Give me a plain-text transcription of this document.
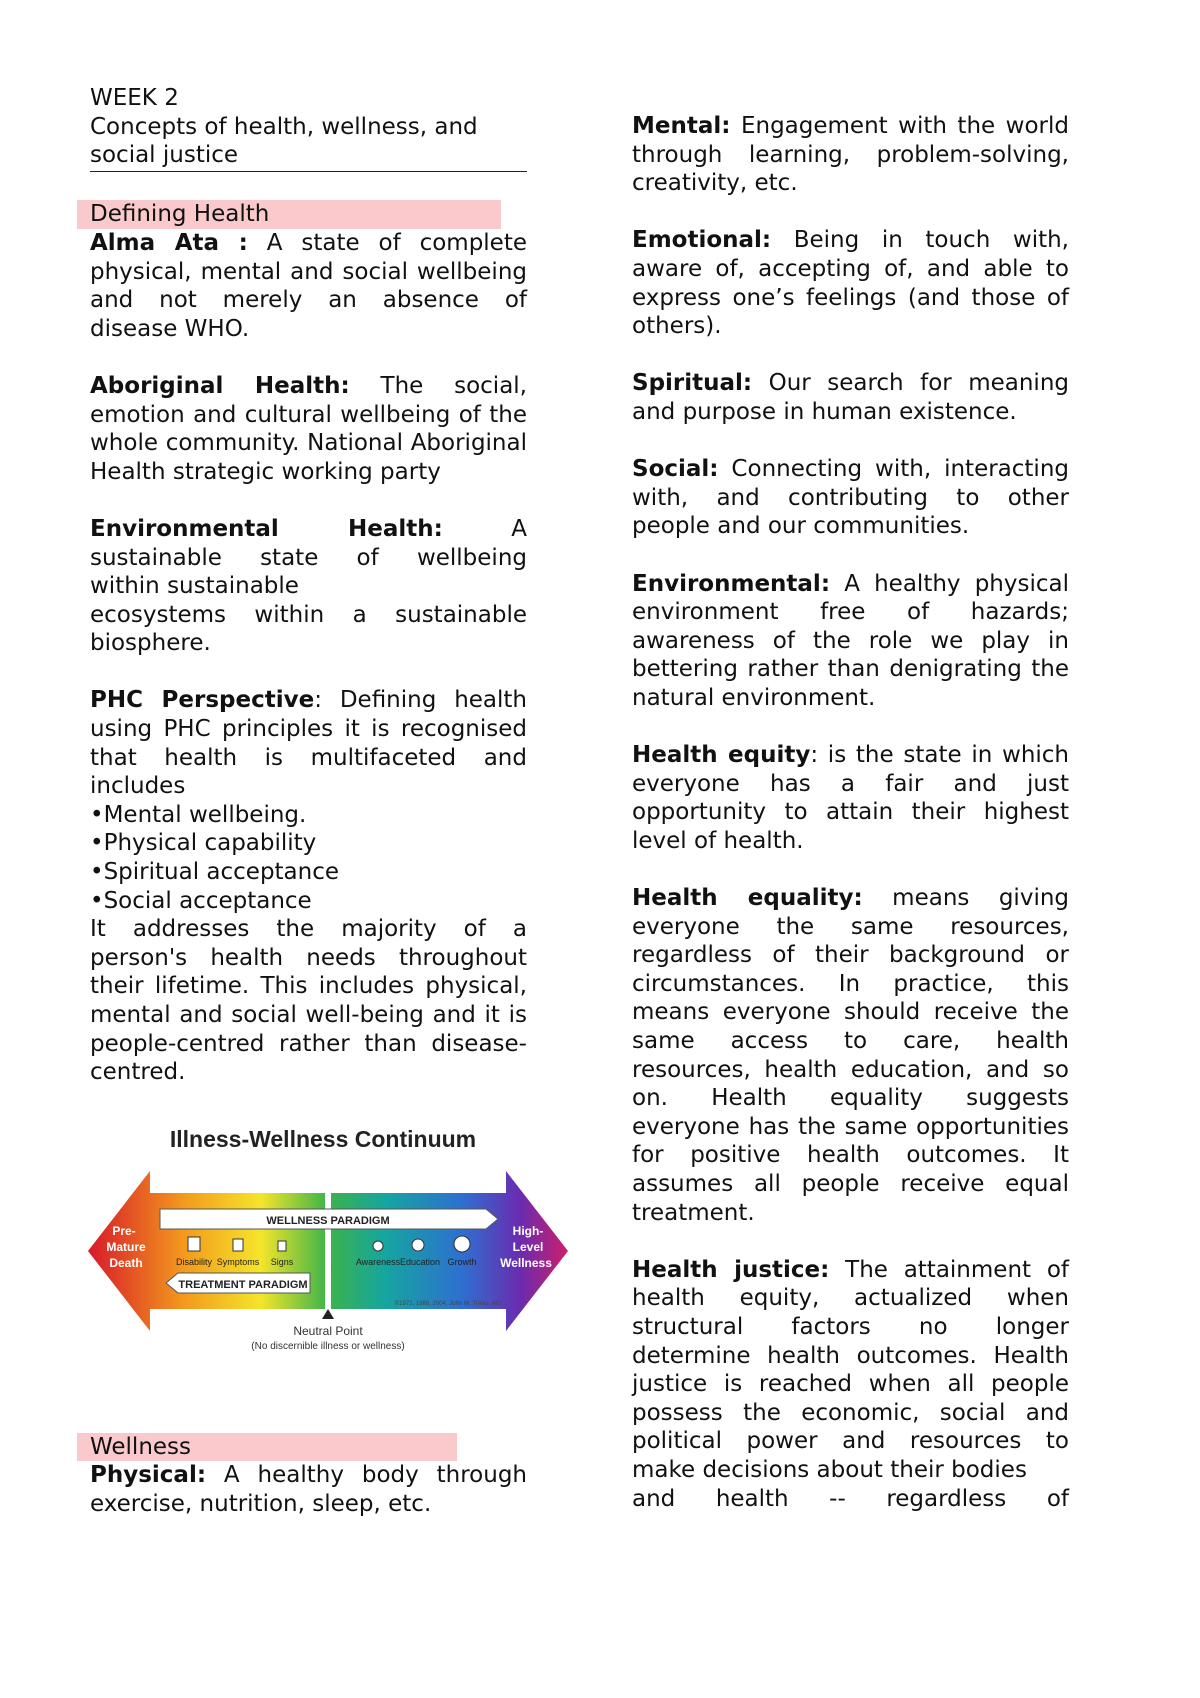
WEEK 2

Concepts of health, wellness, and
social justice
Defining Health

Alma Ata : A state of complete physical, mental and social wellbeing and not merely an absence of disease WHO.

Aboriginal Health: The social, emotion and cultural wellbeing of the whole community. National Aboriginal Health strategic working party

Environmental Health: A

sustainable state of wellbeing

within sustainable

ecosystems within a sustainable

biosphere.

PHC Perspective: Defining health using PHC principles it is recognised that health is multifaceted and includes

• Mental wellbeing.
• Physical capability
• Spiritual acceptance
• Social acceptance

It addresses the majority of a person's health needs throughout their lifetime. This includes physical, mental and social well-being and it is people-centred rather than disease-centred.

Illness-Wellness Continuum
WELLNESS PARADIGM
TREATMENT PARADIGM
Disability Symptoms Signs	Awareness Education Growth
Pre-
Mature
Death
High-
Level
Wellness
©1972, 1988, 2004, John W. Travis, MD
Neutral Point
(No discernible illness or wellness)
Wellness

Physical: A healthy body through exercise, nutrition, sleep, etc.

Mental: Engagement with the world through learning, problem-solving, creativity, etc.

Emotional: Being in touch with, aware of, accepting of, and able to express one’s feelings (and those of others).

Spiritual: Our search for meaning and purpose in human existence.

Social: Connecting with, interacting with, and contributing to other people and our communities.

Environmental: A healthy physical environment free of hazards; awareness of the role we play in bettering rather than denigrating the natural environment.

Health equity: is the state in which everyone has a fair and just opportunity to attain their highest level of health.

Health equality: means giving everyone the same resources, regardless of their background or circumstances. In practice, this means everyone should receive the same access to care, health resources, health education, and so on. Health equality suggests everyone has the same opportunities for positive health outcomes. It assumes all people receive equal treatment.

Health justice: The attainment of health equity, actualized when structural factors no longer determine health outcomes. Health justice is reached when all people possess the economic, social and political power and resources to make decisions about their bodies

and health -- regardless of
